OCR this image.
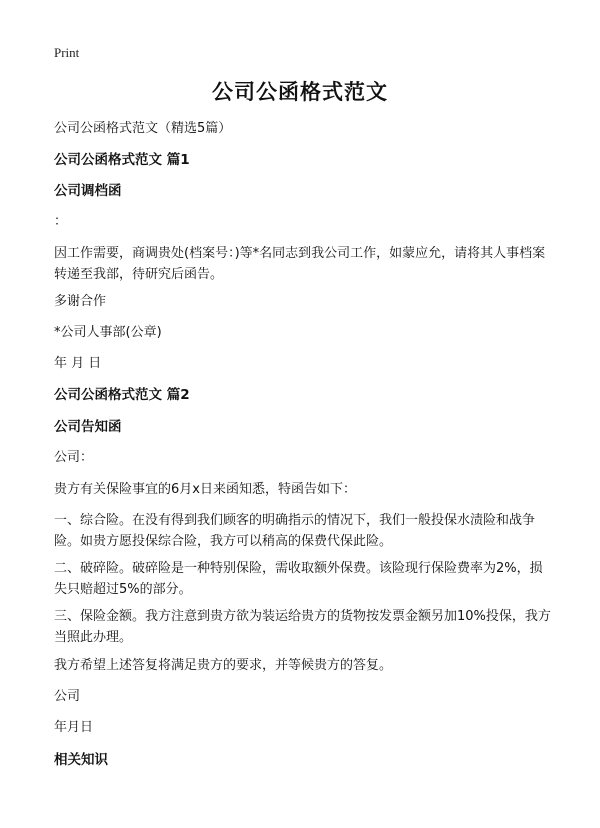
Print
公司公函格式范文

公司公函格式范文（精选5篇）

公司公函格式范文 篇1

公司调档函

：

因工作需要，商调贵处(档案号：)等*名同志到我公司工作，如蒙应允，请将其人事档案转递至我部，待研究后函告。

多谢合作

*公司人事部(公章)

年 月 日

公司公函格式范文 篇2

公司告知函

公司：

贵方有关保险事宜的6月x日来函知悉，特函告如下：

一、综合险。在没有得到我们顾客的明确指示的情况下，我们一般投保水渍险和战争险。如贵方愿投保综合险，我方可以稍高的保费代保此险。

二、破碎险。破碎险是一种特别保险，需收取额外保费。该险现行保险费率为2%，损失只赔超过5%的部分。

三、保险金额。我方注意到贵方欲为装运给贵方的货物按发票金额另加10%投保，我方当照此办理。

我方希望上述答复将满足贵方的要求，并等候贵方的答复。

公司

年月日

相关知识
